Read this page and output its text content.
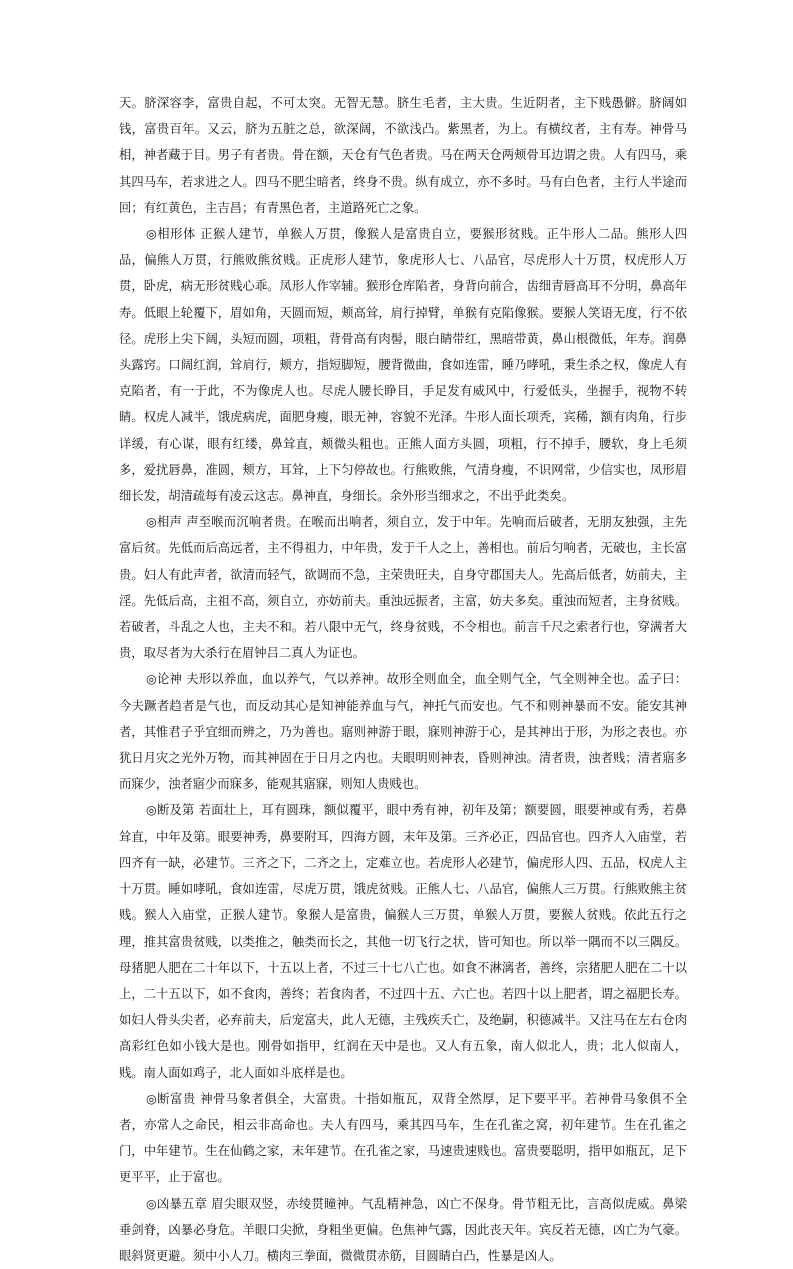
天。脐深容李，富贵自起，不可太突。无智无慧。脐生毛者，主大贵。生近阴者，主下贱愚僻。脐阔如钱，富贵百年。又云，脐为五脏之总，欲深阔，不欲浅凸。紫黑者，为上。有横纹者，主有寿。神骨马相，神者藏于目。男子有者贵。骨在额，天仓有气色者贵。马在两天仓两颊骨耳边谓之贵。人有四马，乘其四马车，若求进之人。四马不肥尘暗者，终身不贵。纵有成立，亦不多时。马有白色者，主行人半途而回；有红黄色，主吉昌；有青黑色者，主道路死亡之象。

◎相形体 正猴人建节，单猴人万贯，像猴人是富贵自立，要猴形贫贱。正牛形人二品。熊形人四品，偏熊人万贯，行熊败熊贫贱。正虎形人建节，象虎形人七、八品官，尽虎形人十万贯，权虎形人万贯，卧虎，病无形贫贱心乖。凤形人作宰辅。猴形仓库陷者，身背向前合，齿细青唇高耳不分明，鼻高年寿。低眼上轮覆下，眉如角，天圆而短，颊高耸，肩行掉臂，单猴有克陷像猴。要猴人笑语无度，行不依径。虎形上尖下阔，头短而圆，项粗，背骨高有肉髻，眼白睛带红，黑暗带黄，鼻山根微低，年寿。润鼻头露窍。口阔红润，耸肩行，颊方，指短脚短，腰背微曲，食如连雷，睡乃哮吼，秉生杀之权，像虎人有克陷者，有一于此，不为像虎人也。尽虎人腰长睁目，手足发有威风中，行爱低头，坐握手，视物不转睛。权虎人减半，饿虎病虎，面肥身瘦，眼无神，容貌不光泽。牛形人面长项秃，宾稀，额有肉角，行步详缓，有心谋，眼有红缕，鼻耸直，颊微头粗也。正熊人面方头圆，项粗，行不掉手，腰软，身上毛须多，爱扰唇鼻，准圆，颊方，耳耸，上下匀停故也。行熊败熊，气清身瘦，不识网常，少信实也，凤形眉细长发，胡清疏每有凌云这志。鼻神直，身细长。余外形当细求之，不出乎此类矣。

◎相声 声至喉而沉响者贵。在喉而出响者，须自立，发于中年。先响而后破者，无朋友独强，主先富后贫。先低而后高远者，主不得祖力，中年贵，发于千人之上，善相也。前后匀响者，无破也，主长富贵。妇人有此声者，欲清而轻气，欲调而不急，主荣贵旺夫，自身守郡国夫人。先高后低者，妨前夫，主淫。先低后高，主祖不高，须自立，亦妨前夫。重浊远振者，主富，妨夫多矣。重浊而短者，主身贫贱。若破者，斗乱之人也，主夫不和。若八限中无气，终身贫贱，不令相也。前言千尺之索者行也，穿满者大贵，取尽者为大杀行在眉钟吕二真人为证也。

◎论神 夫形以养血，血以养气，气以养神。故形全则血全，血全则气全，气全则神全也。孟子曰：今夫蹶者趋者是气也，而反动其心是知神能养血与气，神托气而安也。气不和则神暴而不安。能安其神者，其惟君子乎宜细而辨之，乃为善也。寤则神游于眼，寐则神游于心，是其神出于形，为形之表也。亦犹日月灾之光外万物，而其神固在于日月之内也。夫眼明则神表，昏则神浊。清者贵，浊者贱；清者寤多而寐少，浊者寤少而寐多，能观其寤寐，则知人贵贱也。

◎断及第 若面壮上，耳有圆珠，额似覆平，眼中秀有神，初年及第；额要圆，眼要神或有秀，若鼻耸直，中年及第。眼要神秀，鼻要附耳，四海方圆，末年及第。三齐必正，四品官也。四齐人入庙堂，若四齐有一缺，必建节。三齐之下，二齐之上，定难立也。若虎形人必建节，偏虎形人四、五品，权虎人主十万贯。睡如哮吼，食如连雷，尽虎万贯，饿虎贫贱。正熊人七、八品官，偏熊人三万贯。行熊败熊主贫贱。猴人入庙堂，正猴人建节。象猴人是富贵，偏猴人三万贯，单猴人万贯，要猴人贫贱。依此五行之理，推其富贵贫贱，以类推之，触类而长之，其他一切飞行之状，皆可知也。所以举一隅而不以三隅反。母猪肥人肥在二十年以下，十五以上者，不过三十七八亡也。如食不淋漓者，善终，宗猪肥人肥在二十以上，二十五以下，如不食肉，善终；若食肉者，不过四十五、六亡也。若四十以上肥者，谓之福肥长寿。如妇人骨头尖者，必弃前夫，后宠富夫，此人无德，主残疾夭亡，及绝嗣，积德减半。又注马在左右仓肉高彩红色如小钱大是也。刚骨如指甲，红润在天中是也。又人有五象，南人似北人，贵；北人似南人，贱。南人面如鸡子，北人面如斗底样是也。

◎断富贵 神骨马象者俱全，大富贵。十指如瓶瓦，双背全然厚，足下要平平。若神骨马象俱不全者，亦常人之命民，相云非高命也。夫人有四马，乘其四马车，生在孔雀之窝，初年建节。生在孔雀之门，中年建节。生在仙鹤之家，末年建节。在孔雀之家，马速贵速贱也。富贵要聪明，指甲如瓶瓦，足下更平平，止于富也。

◎凶暴五章 眉尖眼双竖，赤绫贯瞳神。气乱精神急，凶亡不保身。骨节粗无比，言高似虎威。鼻梁垂剑脊，凶暴必身危。羊眼口尖掀，身粗坐更偏。色焦神气露，因此丧天年。宾反若无德，凶亡为气豪。眼斜贤更避。须中小人刀。横肉三拳面，微微贯赤筋，目圆睛白凸，性暴是凶人。
